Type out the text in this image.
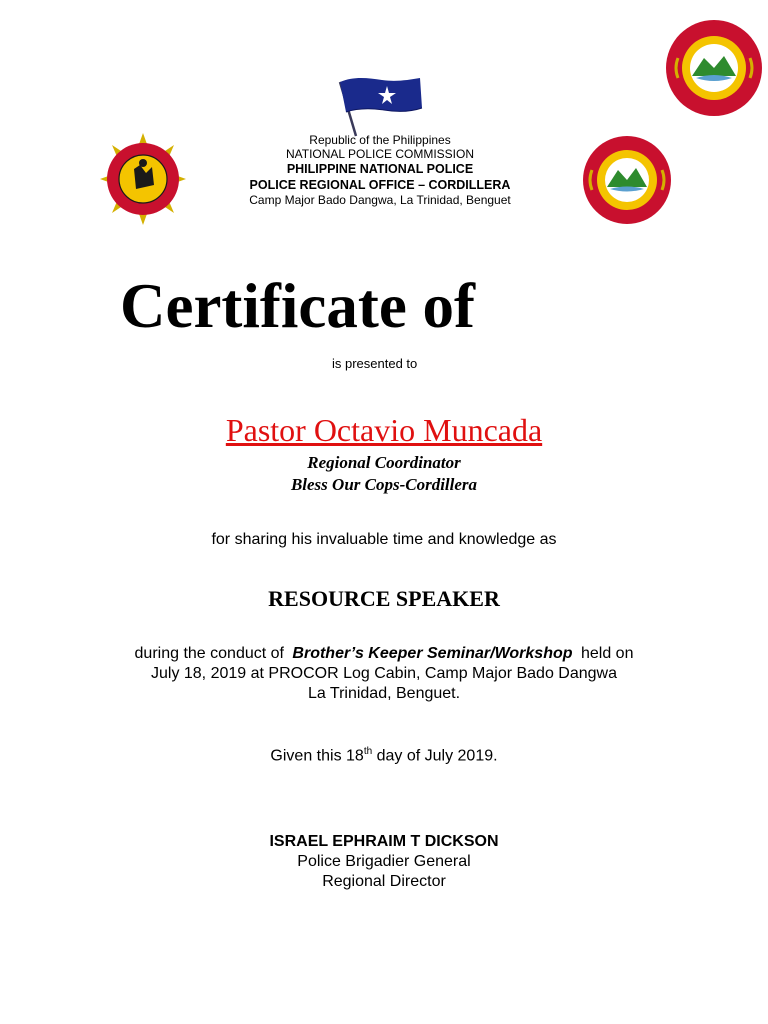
Republic of the Philippines
NATIONAL POLICE COMMISSION
PHILIPPINE NATIONAL POLICE
POLICE REGIONAL OFFICE – CORDILLERA
Camp Major Bado Dangwa, La Trinidad, Benguet
Certificate of
is presented to
Pastor Octavio Muncada
Regional Coordinator
Bless Our Cops-Cordillera
for sharing his invaluable time and knowledge as
RESOURCE SPEAKER
during the conduct of Brother’s Keeper Seminar/Workshop held on
July 18, 2019 at PROCOR Log Cabin, Camp Major Bado Dangwa
La Trinidad, Benguet.
Given this 18th day of July 2019.
ISRAEL EPHRAIM T DICKSON
Police Brigadier General
Regional Director
